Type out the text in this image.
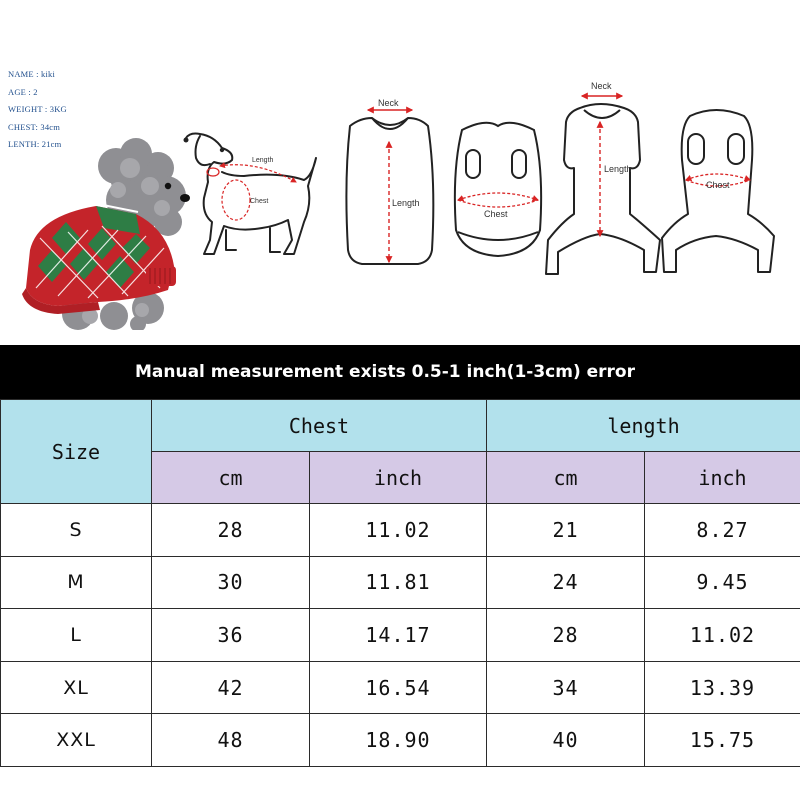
NAME : kiki
AGE : 2
WEIGHT : 3KG
CHEST: 34cm
LENTH: 21cm
Length
Chest
Neck
Length
Chest
Neck
Length
Chest
Manual measurement exists 0.5-1 inch(1-3cm) error
Size	Chest		length	
	cm	inch	cm	inch
S	28	11.02	21	8.27
M	30	11.81	24	9.45
L	36	14.17	28	11.02
XL	42	16.54	34	13.39
XXL	48	18.90	40	15.75
